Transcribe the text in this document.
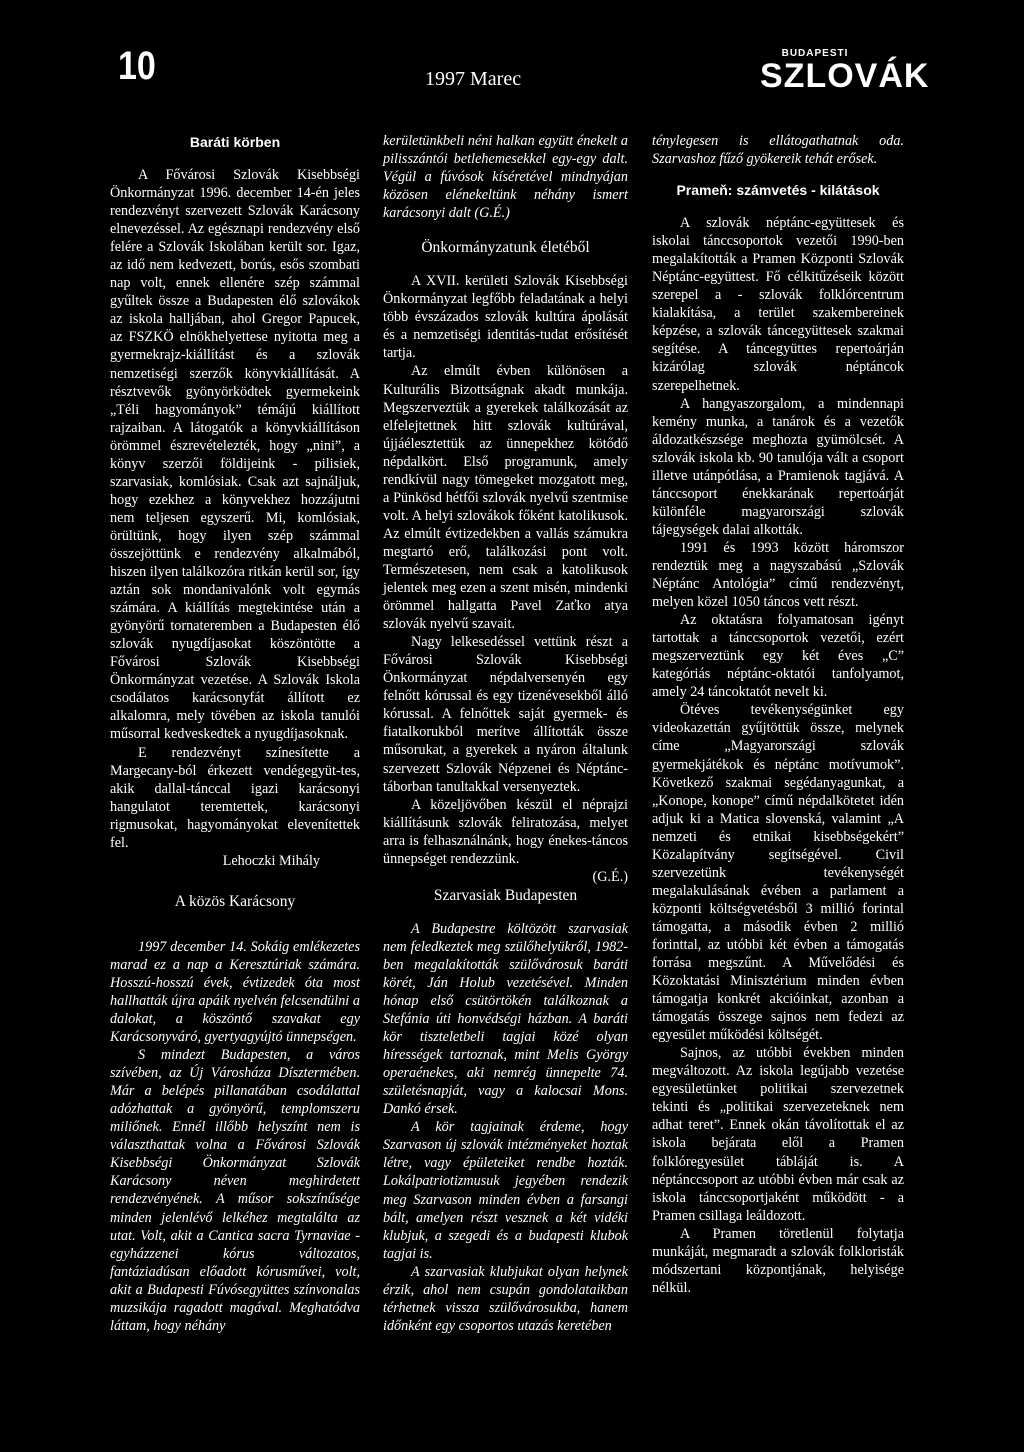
10	1997 Marec
BUDAPESTI
SZLOVÁK
Baráti körben

A Fővárosi Szlovák Kisebbségi Önkormányzat 1996. december 14-én jeles rendezvényt szervezett Szlovák Karácsony elnevezéssel. Az egésznapi rendezvény első felére a Szlovák Iskolában került sor. Igaz, az idő nem kedvezett, borús, esős szombati nap volt, ennek ellenére szép számmal gyűltek össze a Budapesten élő szlovákok az iskola halljában, ahol Gregor Papucek, az FSZKÖ elnökhelyettese nyitotta meg a gyermekrajz-kiállítást és a szlovák nemzetiségi szerzők könyvkiállítását. A résztvevők gyönyörködtek gyermekeink „Téli hagyományok” témájú kiállított rajzaiban. A látogatók a könyvkiállításon örömmel észrevételezték, hogy „nini”, a könyv szerzői földijeink - pilisiek, szarvasiak, komlósiak. Csak azt sajnáljuk, hogy ezekhez a könyvekhez hozzájutni nem teljesen egyszerű. Mi, komlósiak, örültünk, hogy ilyen szép számmal összejöttünk e rendezvény alkalmából, hiszen ilyen találkozóra ritkán kerül sor, így aztán sok mondanivalónk volt egymás számára. A kiállítás megtekintése után a gyönyörű tornateremben a Budapesten élő szlovák nyugdíjasokat köszöntötte a Fővárosi Szlovák Kisebbségi Önkormányzat vezetése. A Szlovák Iskola csodálatos karácsonyfát állított ez alkalomra, mely tövében az iskola tanulói műsorral kedveskedtek a nyugdíjasoknak.

E rendezvényt színesítette a Margecany-ból érkezett vendégegyüt-tes, akik dallal-tánccal igazi karácsonyi hangulatot teremtettek, karácsonyi rigmusokat, hagyományokat elevenítettek fel.

Lehoczki Mihály

A közös Karácsony

1997 december 14. Sokáig emlékezetes marad ez a nap a Keresztúriak számára. Hosszú-hosszú évek, évtizedek óta most hallhatták újra apáik nyelvén felcsendülni a dalokat, a köszöntő szavakat egy Karácsonyváró, gyertyagyújtó ünnepségen.

S mindezt Budapesten, a város szívében, az Új Városháza Dísztermében. Már a belépés pillanatában csodálattal adózhattak a gyönyörű, templomszeru miliőnek. Ennél illőbb helyszínt nem is választhattak volna a Fővárosi Szlovák Kisebbségi Önkormányzat Szlovák Karácsony néven meghirdetett rendezvényének. A műsor sokszínűsége minden jelenlévő lelkéhez megtalálta az utat. Volt, akit a Cantica sacra Tyrnaviae - egyházzenei kórus változatos, fantáziadúsan előadott kórusművei, volt, akit a Budapesti Fúvósegyüttes színvonalas muzsikája ragadott magával. Meghatódva láttam, hogy néhány

kerületünkbeli néni halkan együtt énekelt a pilisszántói betlehemesekkel egy-egy dalt. Végül a fúvósok kíséretével mindnyájan közösen elénekeltünk néhány ismert karácsonyi dalt (G.É.)

Önkormányzatunk életéből

A XVII. kerületi Szlovák Kisebbségi Önkormányzat legfőbb feladatának a helyi több évszázados szlovák kultúra ápolását és a nemzetiségi identitás-tudat erősítését tartja.

Az elmúlt évben különösen a Kulturális Bizottságnak akadt munkája. Megszerveztük a gyerekek találkozását az elfelejtettnek hitt szlovák kultúrával, újjáélesztettük az ünnepekhez kötődő népdalkört. Első programunk, amely rendkívül nagy tömegeket mozgatott meg, a Pünkösd hétfői szlovák nyelvű szentmise volt. A helyi szlovákok főként katolikusok. Az elmúlt évtizedekben a vallás számukra megtartó erő, találkozási pont volt. Természetesen, nem csak a katolikusok jelentek meg ezen a szent misén, mindenki örömmel hallgatta Pavel Zaťko atya szlovák nyelvű szavait.

Nagy lelkesedéssel vettünk részt a Fővárosi Szlovák Kisebbségi Önkormányzat népdalversenyén egy felnőtt kórussal és egy tizenévesekből álló kórussal. A felnőttek saját gyermek- és fiatalkorukból merítve állították össze műsorukat, a gyerekek a nyáron általunk szervezett Szlovák Népzenei és Néptánc-táborban tanultakkal versenyeztek.

A közeljövőben készül el néprajzi kiállításunk szlovák feliratozása, melyet arra is felhasználnánk, hogy énekes-táncos ünnepséget rendezzünk.

(G.É.)

Szarvasiak Budapesten

A Budapestre költözött szarvasiak nem feledkeztek meg szülőhelyükről, 1982-ben megalakították szülővárosuk baráti körét, Ján Holub vezetésével. Minden hónap első csütörtökén találkoznak a Stefánia úti honvédségi házban. A baráti kör tiszteletbeli tagjai közé olyan hírességek tartoznak, mint Melis György operaénekes, aki nemrég ünnepelte 74. születésnapját, vagy a kalocsai Mons. Dankó érsek.

A kör tagjainak érdeme, hogy Szarvason új szlovák intézményeket hoztak létre, vagy épületeiket rendbe hozták. Lokálpatriotizmusuk jegyében rendezik meg Szarvason minden évben a farsangi bált, amelyen részt vesznek a két vidéki klubjuk, a szegedi és a budapesti klubok tagjai is.

A szarvasiak klubjukat olyan helynek érzik, ahol nem csupán gondolataikban térhetnek vissza szülővárosukba, hanem időnként egy csoportos utazás keretében

ténylegesen is ellátogathatnak oda. Szarvashoz fűző gyökereik tehát erősek.

Prameň: számvetés - kilátások

A szlovák néptánc-együttesek és iskolai tánccsoportok vezetői 1990-ben megalakították a Pramen Központi Szlovák Néptánc-együttest. Fő célkitűzéseik között szerepel a - szlovák folklórcentrum kialakítása, a terület szakembereinek képzése, a szlovák táncegyüttesek szakmai segítése. A táncegyüttes repertoárján kizárólag szlovák néptáncok szerepelhetnek.

A hangyaszorgalom, a mindennapi kemény munka, a tanárok és a vezetők áldozatkészsége meghozta gyümölcsét. A szlovák iskola kb. 90 tanulója vált a csoport illetve utánpótlása, a Pramienok tagjává. A tánccsoport énekkarának repertoárját különféle magyarországi szlovák tájegységek dalai alkották.

1991 és 1993 között háromszor rendeztük meg a nagyszabású „Szlovák Néptánc Antológia” című rendezvényt, melyen közel 1050 táncos vett részt.

Az oktatásra folyamatosan igényt tartottak a tánccsoportok vezetői, ezért megszerveztünk egy két éves „C” kategóriás néptánc-oktatói tanfolyamot, amely 24 táncoktatót nevelt ki.

Ötéves tevékenységünket egy videokazettán gyűjtöttük össze, melynek címe „Magyarországi szlovák gyermekjátékok és néptánc motívumok”. Következő szakmai segédanyagunkat, a „Konope, konope” című népdalkötetet idén adjuk ki a Matica slovenská, valamint „A nemzeti és etnikai kisebbségekért” Közalapítvány segítségével. Civil szervezetünk tevékenységét megalakulásának évében a parlament a központi költségvetésből 3 millió forintal támogatta, a második évben 2 millió forinttal, az utóbbi két évben a támogatás forrása megszűnt. A Művelődési és Közoktatási Minisztérium minden évben támogatja konkrét akcióinkat, azonban a támogatás összege sajnos nem fedezi az egyesület működési költségét.

Sajnos, az utóbbi években minden megváltozott. Az iskola legújabb vezetése egyesületünket politikai szervezetnek tekinti és „politikai szervezeteknek nem adhat teret”. Ennek okán távolítottak el az iskola bejárata elől a Pramen folklóregyesület tábláját is. A néptánccsoport az utóbbi évben már csak az iskola tánccsoportjaként működött - a Pramen csillaga leáldozott.

A Pramen töretlenül folytatja munkáját, megmaradt a szlovák folkloristák módszertani központjának, helyisége nélkül.
